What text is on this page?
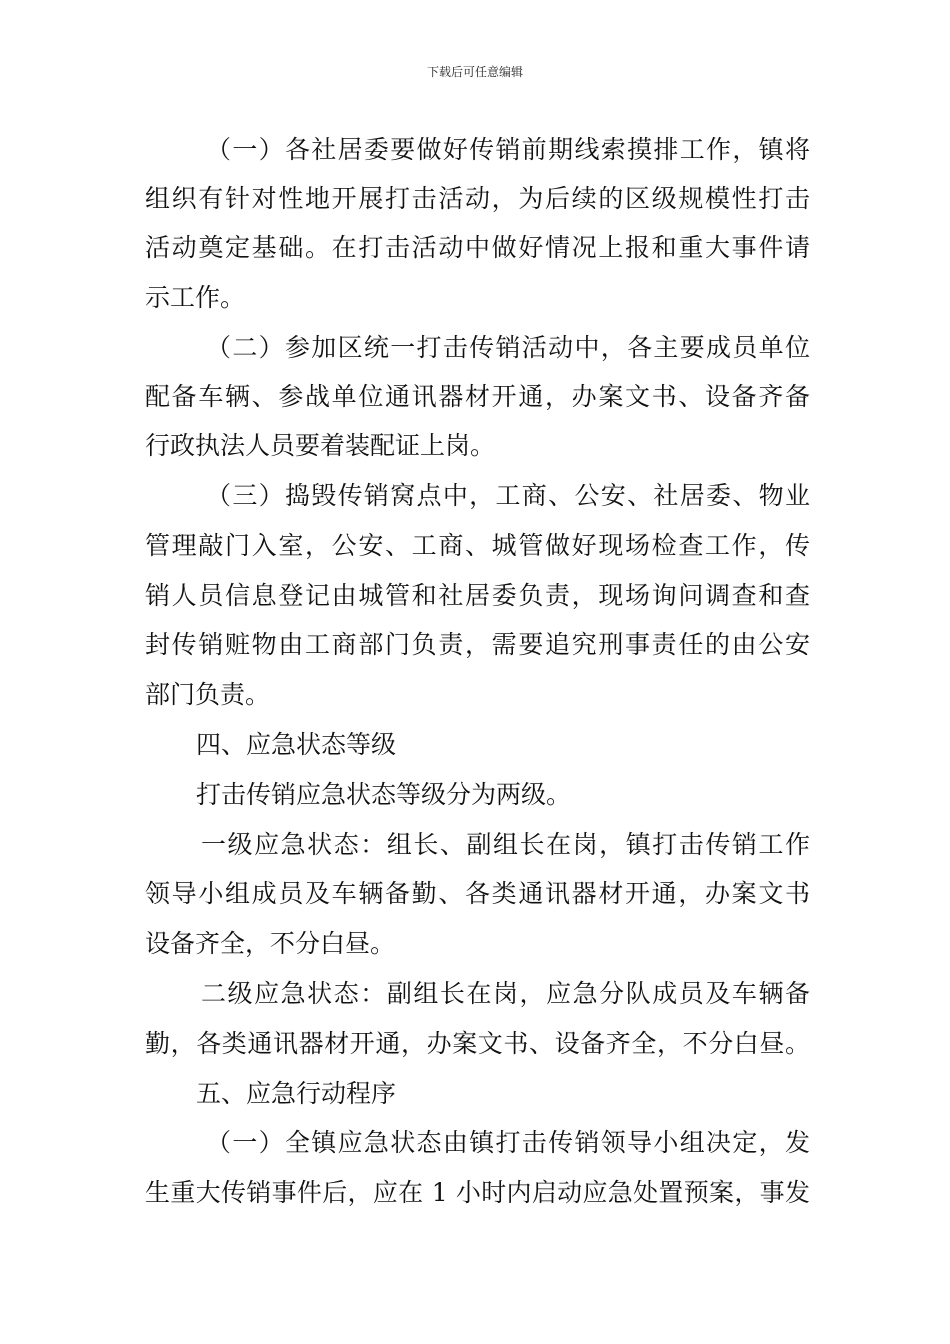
下载后可任意编辑
（一）各社居委要做好传销前期线索摸排工作，镇将
组织有针对性地开展打击活动，为后续的区级规模性打击
活动奠定基础。在打击活动中做好情况上报和重大事件请
示工作。
（二）参加区统一打击传销活动中，各主要成员单位
配备车辆、参战单位通讯器材开通，办案文书、设备齐备
行政执法人员要着装配证上岗。
（三）捣毁传销窝点中，工商、公安、社居委、物业
管理敲门入室，公安、工商、城管做好现场检查工作，传
销人员信息登记由城管和社居委负责，现场询问调查和查
封传销赃物由工商部门负责，需要追究刑事责任的由公安
部门负责。
四、应急状态等级
打击传销应急状态等级分为两级。
一级应急状态：组长、副组长在岗，镇打击传销工作
领导小组成员及车辆备勤、各类通讯器材开通，办案文书
设备齐全，不分白昼。
二级应急状态：副组长在岗，应急分队成员及车辆备
勤，各类通讯器材开通，办案文书、设备齐全，不分白昼。
五、应急行动程序
（一）全镇应急状态由镇打击传销领导小组决定，发
生重大传销事件后，应在 1 小时内启动应急处置预案，事发
